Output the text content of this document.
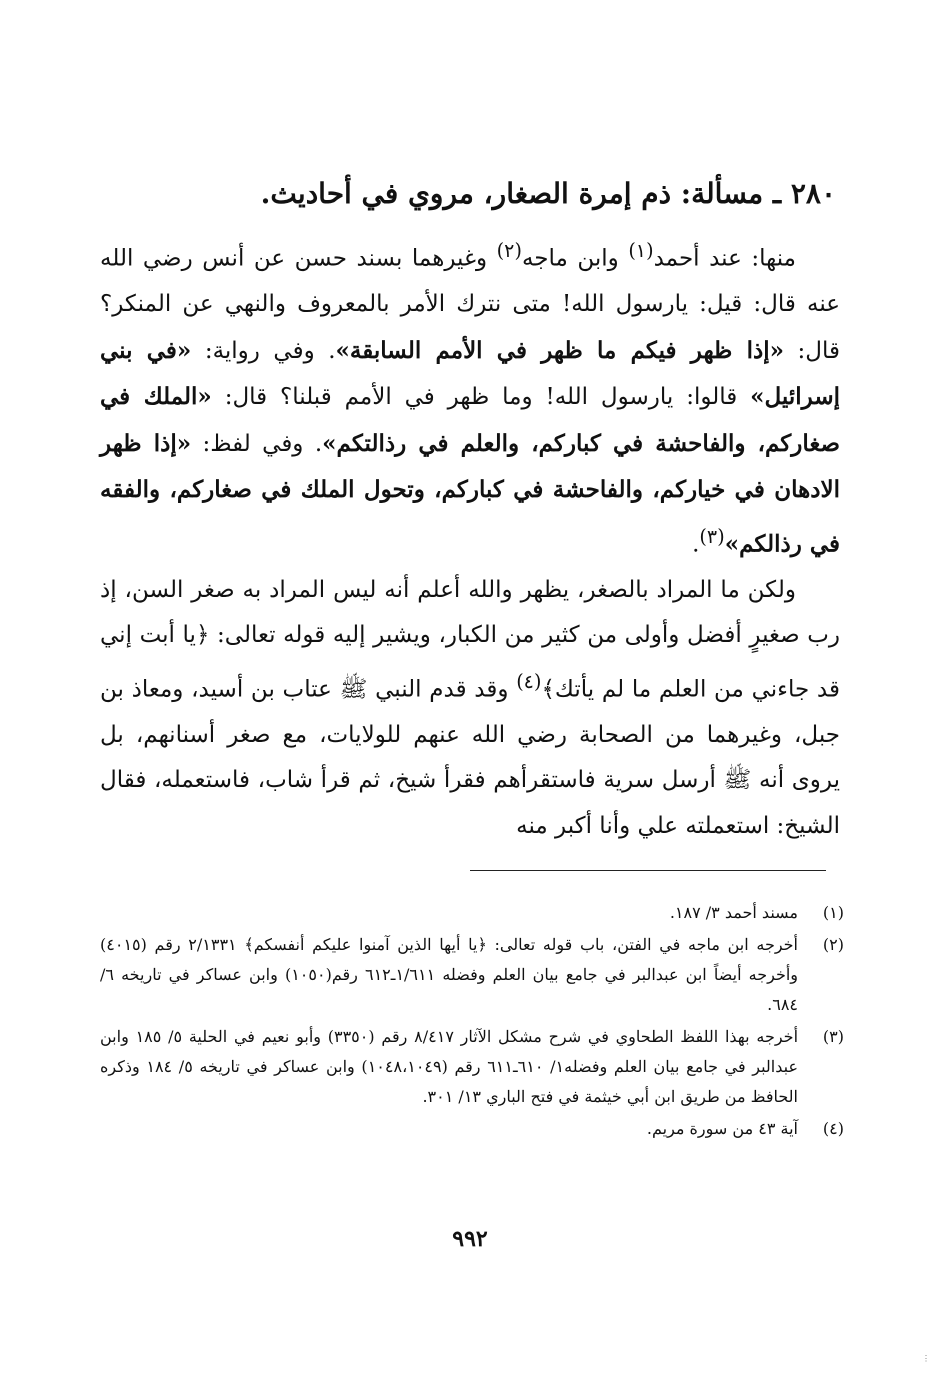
٢٨٠ ـ مسألة: ذم إمرة الصغار، مروي في أحاديث.

منها: عند أحمد$^{(١)}$ وابن ماجه$^{(٢)}$ وغيرهما بسند حسن عن أنس رضي الله عنه قال: قيل: يارسول الله! متى نترك الأمر بالمعروف والنهي عن المنكر؟ قال: «إذا ظهر فيكم ما ظهر في الأمم السابقة». وفي رواية: «في بني إسرائيل» قالوا: يارسول الله! وما ظهر في الأمم قبلنا؟ قال: «الملك في صغاركم، والفاحشة في كباركم، والعلم في رذالتكم». وفي لفظ: «إذا ظهر الادهان في خياركم، والفاحشة في كباركم، وتحول الملك في صغاركم، والفقه في رذالكم»$^{(٣)}$.

ولكن ما المراد بالصغر، يظهر والله أعلم أنه ليس المراد به صغر السن، إذ رب صغيرٍ أفضل وأولى من كثير من الكبار، ويشير إليه قوله تعالى: ﴿يا أبت إني قد جاءني من العلم ما لم يأتك﴾$^{(٤)}$ وقد قدم النبي ﷺ عتاب بن أسيد، ومعاذ بن جبل، وغيرهما من الصحابة رضي الله عنهم للولايات، مع صغر أسنانهم، بل يروى أنه ﷺ أرسل سرية فاستقرأهم فقرأ شيخ، ثم قرأ شاب، فاستعمله، فقال الشيخ: استعملته علي وأنا أكبر منه

(١)
مسند أحمد ٣/ ١٨٧.
(٢)
أخرجه ابن ماجه في الفتن، باب قوله تعالى: ﴿يا أيها الذين آمنوا عليكم أنفسكم﴾ ٢/١٣٣١ رقم (٤٠١٥) وأخرجه أيضاً ابن عبدالبر في جامع بيان العلم وفضله ١/٦١١ـ٦١٢ رقم(١٠٥٠) وابن عساكر في تاريخه ٦/ ٦٨٤.
(٣)
أخرجه بهذا اللفظ الطحاوي في شرح مشكل الآثار ٨/٤١٧ رقم (٣٣٥٠) وأبو نعيم في الحلية ٥/ ١٨٥ وابن عبدالبر في جامع بيان العلم وفضله١/ ٦١٠ـ٦١١ رقم (١٠٤٨،١٠٤٩) وابن عساكر في تاريخه ٥/ ١٨٤ وذكره الحافظ من طريق ابن أبي خيثمة في فتح الباري ١٣/ ٣٠١.
(٤)
آية ٤٣ من سورة مريم.
٩٩٢
⋮
